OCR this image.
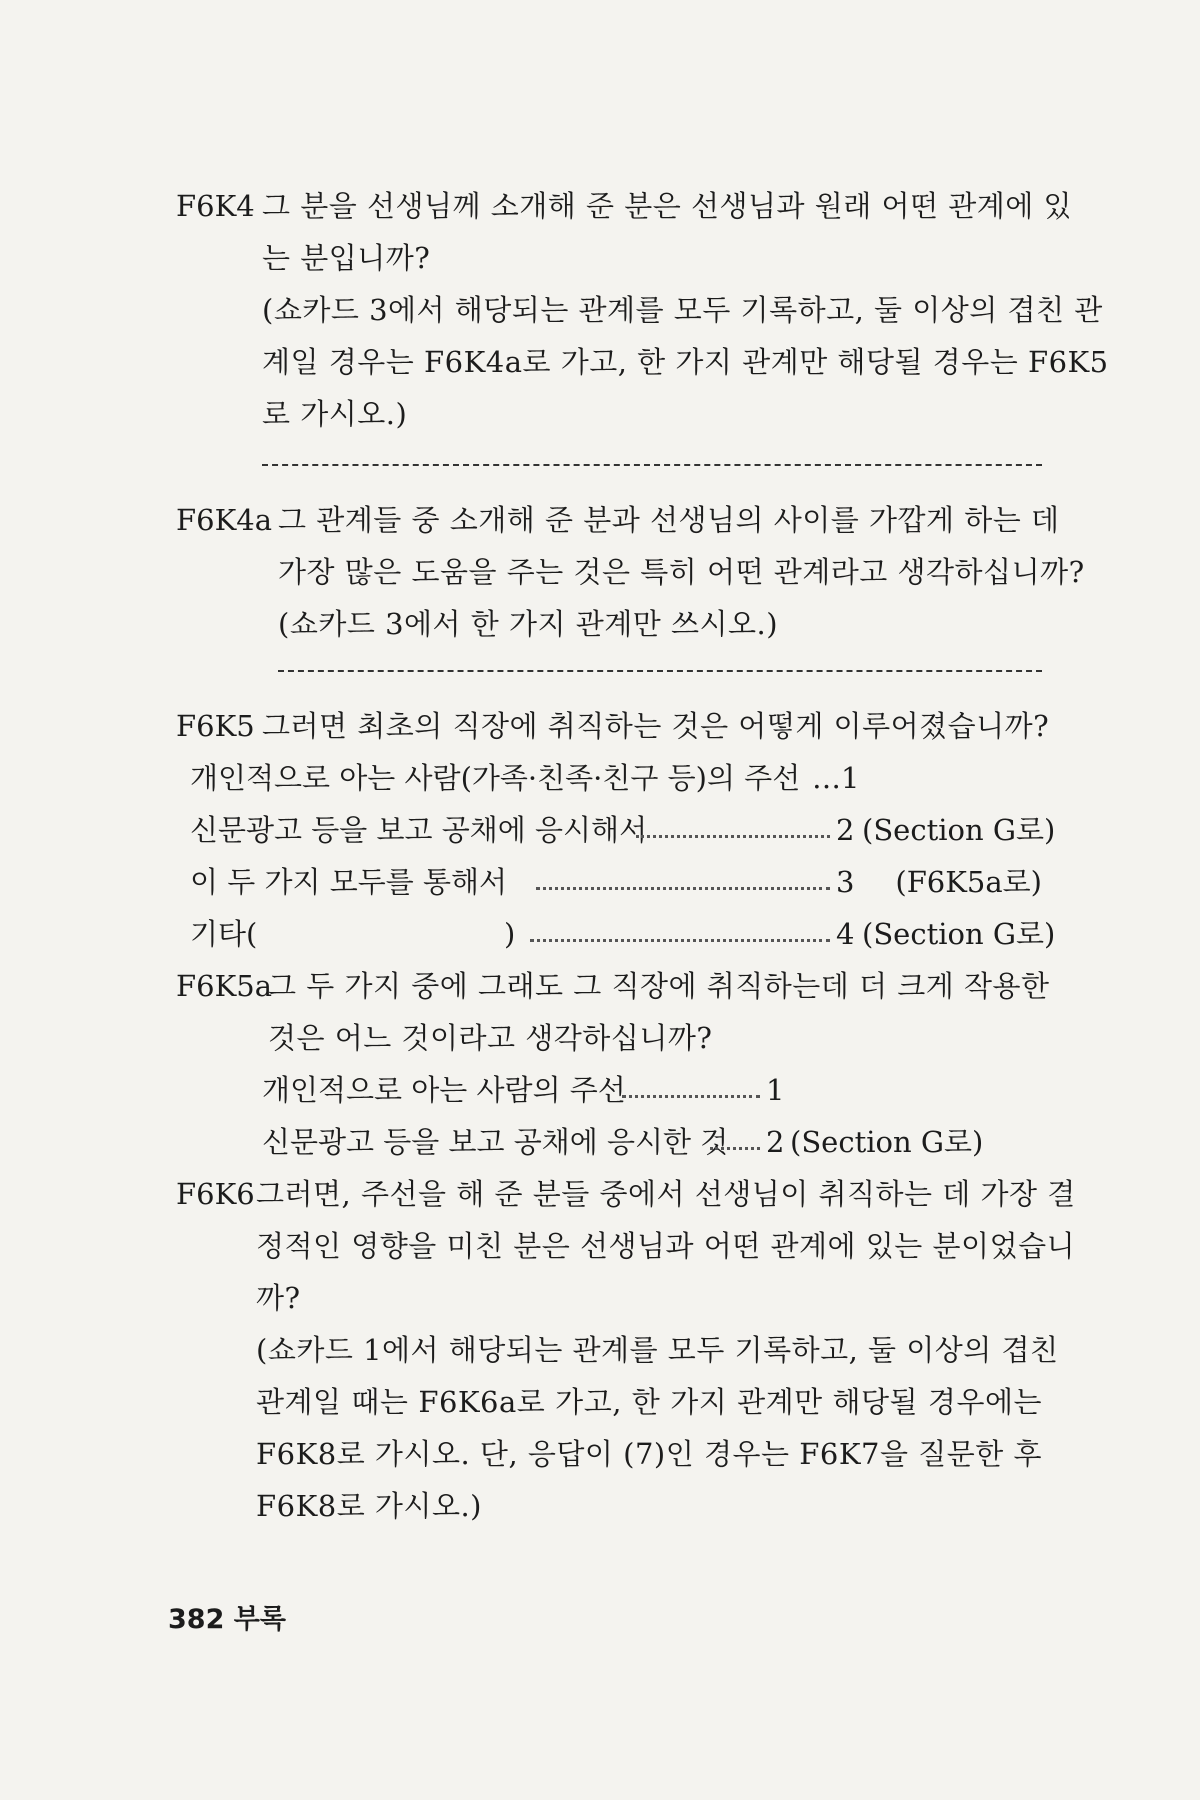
F6K4 그 분을 선생님께 소개해 준 분은 선생님과 원래 어떤 관계에 있
는 분입니까?
(쇼카드 3에서 해당되는 관계를 모두 기록하고, 둘 이상의 겹친 관
계일 경우는 F6K4a로 가고, 한 가지 관계만 해당될 경우는 F6K5
로 가시오.)
F6K4a 그 관계들 중 소개해 준 분과 선생님의 사이를 가깝게 하는 데
가장 많은 도움을 주는 것은 특히 어떤 관계라고 생각하십니까?
(쇼카드 3에서 한 가지 관계만 쓰시오.)
F6K5 그러면 최초의 직장에 취직하는 것은 어떻게 이루어졌습니까?
개인적으로 아는 사람(가족·친족·친구 등)의 주선 …1
신문광고 등을 보고 공채에 응시해서	2 (Section G로)
이 두 가지 모두를 통해서	3	(F6K5a로)
기타(	)	4 (Section G로)
F6K5a
그 두 가지 중에 그래도 그 직장에 취직하는데 더 크게 작용한
것은 어느 것이라고 생각하십니까?
개인적으로 아는 사람의 주선	1
신문광고 등을 보고 공채에 응시한 것 2 (Section G로)
F6K6 그러면, 주선을 해 준 분들 중에서 선생님이 취직하는 데 가장 결
정적인 영향을 미친 분은 선생님과 어떤 관계에 있는 분이었습니
까?
(쇼카드 1에서 해당되는 관계를 모두 기록하고, 둘 이상의 겹친
관계일 때는 F6K6a로 가고, 한 가지 관계만 해당될 경우에는
F6K8로 가시오. 단, 응답이 (7)인 경우는 F6K7을 질문한 후
F6K8로 가시오.)
382 부록
